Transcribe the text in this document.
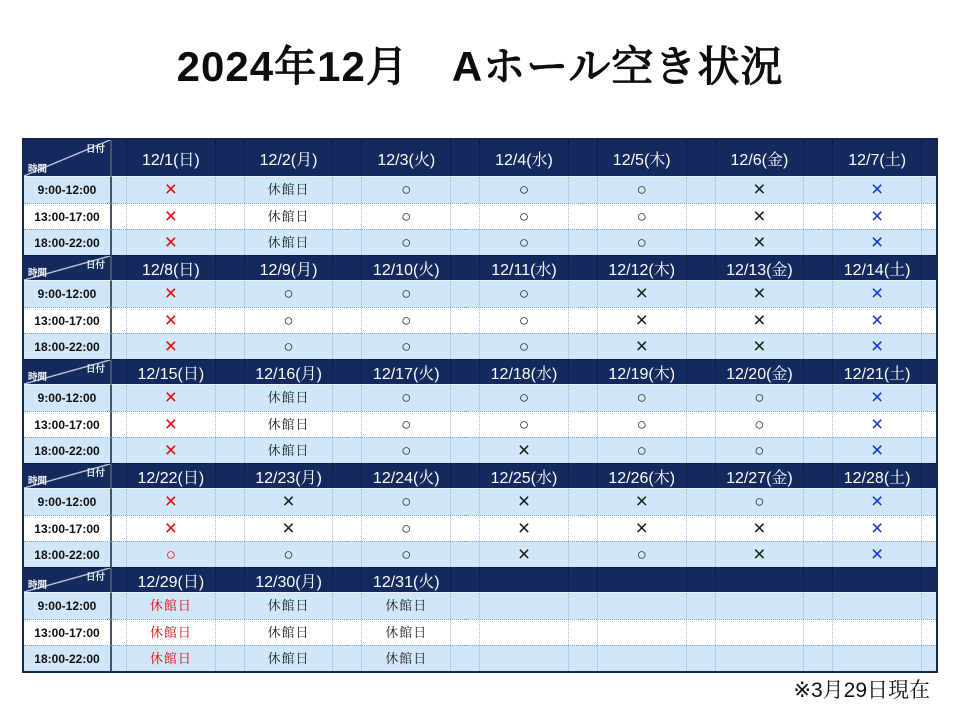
2024年12月　Aホール空き状況
日付
時間
12/1(日)	12/2(月)	12/3(火)	12/4(水)	12/5(木)	12/6(金)	12/7(土)
9:00-12:00	×	休館日	○	○	○	×	×
13:00-17:00	×	休館日	○	○	○	×	×
18:00-22:00	×	休館日	○	○	○	×	×
日付
時間	12/8(日)	12/9(月)	12/10(火)	12/11(水)	12/12(木)	12/13(金)	12/14(土)
9:00-12:00	×	○	○	○	×	×	×
13:00-17:00	×	○	○	○	×	×	×
18:00-22:00	×	○	○	○	×	×	×
日付
時間	12/15(日)	12/16(月)	12/17(火)	12/18(水)	12/19(木)	12/20(金)	12/21(土)
9:00-12:00	×	休館日	○	○	○	○	×
13:00-17:00	×	休館日	○	○	○	○	×
18:00-22:00	×	休館日	○	×	○	○	×
日付
時間	12/22(日)	12/23(月)	12/24(火)	12/25(水)	12/26(木)	12/27(金)	12/28(土)
9:00-12:00	×	×	○	×	×	○	×
13:00-17:00	×	×	○	×	×	×	×
18:00-22:00	○	○	○	×	○	×	×
日付
時間	12/29(日)	12/30(月)	12/31(火)
9:00-12:00	休館日	休館日	休館日
13:00-17:00	休館日	休館日	休館日
18:00-22:00	休館日	休館日	休館日
※3月29日現在
